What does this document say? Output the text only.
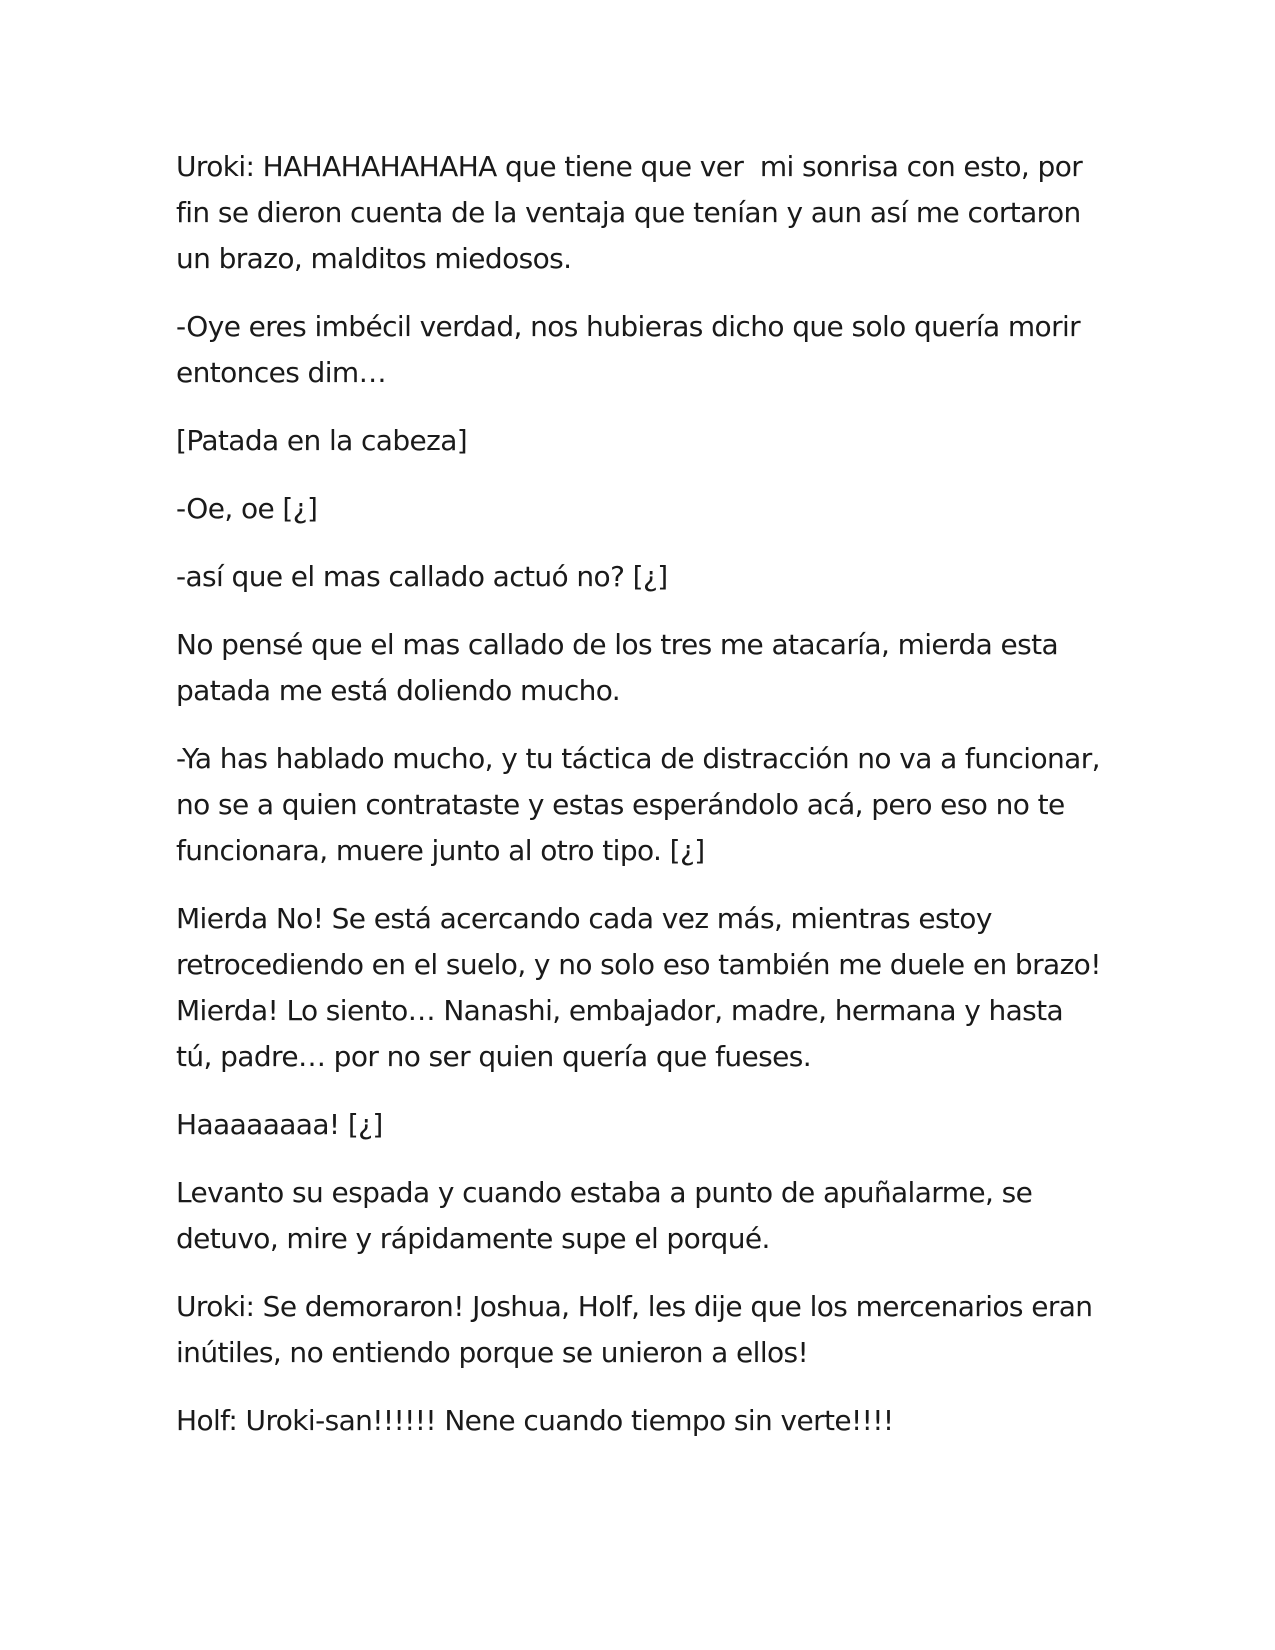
Uroki: HAHAHAHAHAHA que tiene que ver  mi sonrisa con esto, por fin se dieron cuenta de la ventaja que tenían y aun así me cortaron un brazo, malditos miedosos.

-Oye eres imbécil verdad, nos hubieras dicho que solo quería morir entonces dim…

[Patada en la cabeza]

-Oe, oe [¿]

-así que el mas callado actuó no? [¿]

No pensé que el mas callado de los tres me atacaría, mierda esta patada me está doliendo mucho.

-Ya has hablado mucho, y tu táctica de distracción no va a funcionar, no se a quien contrataste y estas esperándolo acá, pero eso no te funcionara, muere junto al otro tipo. [¿]

Mierda No! Se está acercando cada vez más, mientras estoy retrocediendo en el suelo, y no solo eso también me duele en brazo! Mierda! Lo siento… Nanashi, embajador, madre, hermana y hasta tú, padre… por no ser quien quería que fueses.

Haaaaaaaa! [¿]

Levanto su espada y cuando estaba a punto de apuñalarme, se detuvo, mire y rápidamente supe el porqué.

Uroki: Se demoraron! Joshua, Holf, les dije que los mercenarios eran inútiles, no entiendo porque se unieron a ellos!

Holf: Uroki-san!!!!!! Nene cuando tiempo sin verte!!!!
